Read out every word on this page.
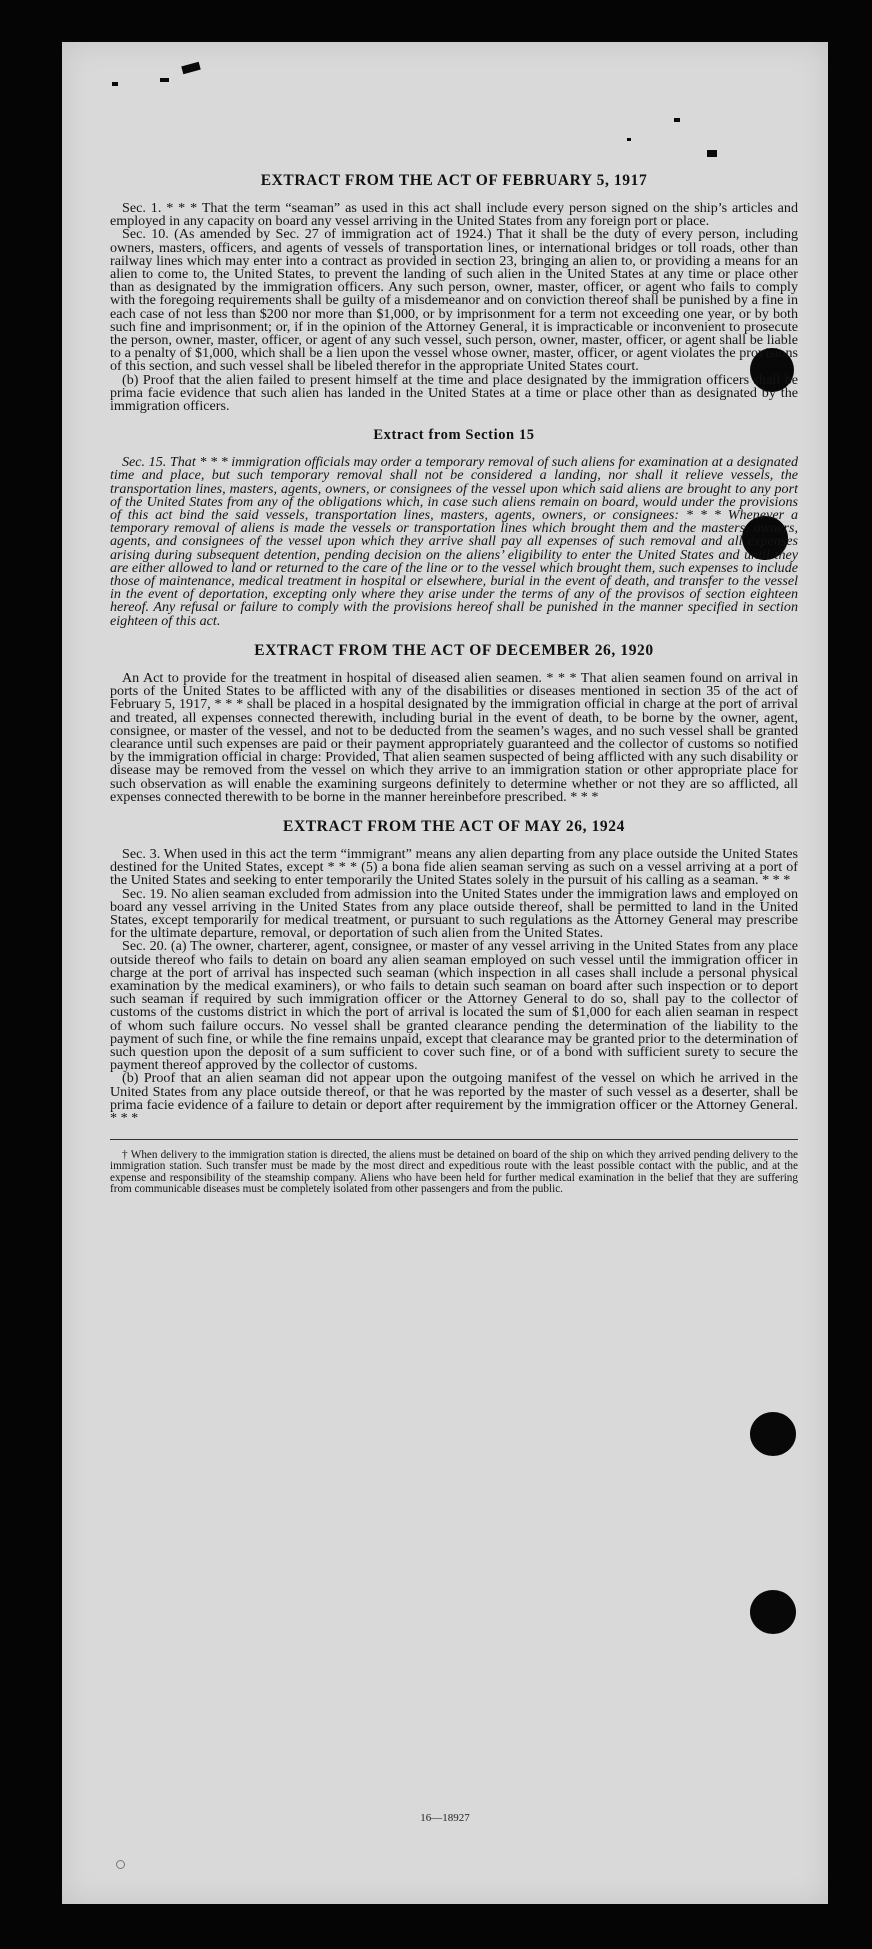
EXTRACT FROM THE ACT OF FEBRUARY 5, 1917

Sec. 1. * * * That the term “seaman” as used in this act shall include every person signed on the ship’s articles and employed in any capacity on board any vessel arriving in the United States from any foreign port or place.

Sec. 10. (As amended by Sec. 27 of immigration act of 1924.) That it shall be the duty of every person, including owners, masters, officers, and agents of vessels of transportation lines, or international bridges or toll roads, other than railway lines which may enter into a contract as provided in section 23, bringing an alien to, or providing a means for an alien to come to, the United States, to prevent the landing of such alien in the United States at any time or place other than as designated by the immigration officers. Any such person, owner, master, officer, or agent who fails to comply with the foregoing requirements shall be guilty of a misdemeanor and on conviction thereof shall be punished by a fine in each case of not less than $200 nor more than $1,000, or by imprisonment for a term not exceeding one year, or by both such fine and imprisonment; or, if in the opinion of the Attorney General, it is impracticable or inconvenient to prosecute the person, owner, master, officer, or agent of any such vessel, such person, owner, master, officer, or agent shall be liable to a penalty of $1,000, which shall be a lien upon the vessel whose owner, master, officer, or agent violates the provisions of this section, and such vessel shall be libeled therefor in the appropriate United States court.

(b) Proof that the alien failed to present himself at the time and place designated by the immigration officers shall be prima facie evidence that such alien has landed in the United States at a time or place other than as designated by the immigration officers.

Extract from Section 15

Sec. 15. That * * * immigration officials may order a temporary removal of such aliens for examination at a designated time and place, but such temporary removal shall not be considered a landing, nor shall it relieve vessels, the transportation lines, masters, agents, owners, or consignees of the vessel upon which said aliens are brought to any port of the United States from any of the obligations which, in case such aliens remain on board, would under the provisions of this act bind the said vessels, transportation lines, masters, agents, owners, or consignees: * * * Whenever a temporary removal of aliens is made the vessels or transportation lines which brought them and the masters, owners, agents, and consignees of the vessel upon which they arrive shall pay all expenses of such removal and all expenses arising during subsequent detention, pending decision on the aliens’ eligibility to enter the United States and until they are either allowed to land or returned to the care of the line or to the vessel which brought them, such expenses to include those of maintenance, medical treatment in hospital or elsewhere, burial in the event of death, and transfer to the vessel in the event of deportation, excepting only where they arise under the terms of any of the provisos of section eighteen hereof. Any refusal or failure to comply with the provisions hereof shall be punished in the manner specified in section eighteen of this act.

EXTRACT FROM THE ACT OF DECEMBER 26, 1920

An Act to provide for the treatment in hospital of diseased alien seamen. * * * That alien seamen found on arrival in ports of the United States to be afflicted with any of the disabilities or diseases mentioned in section 35 of the act of February 5, 1917, * * * shall be placed in a hospital designated by the immigration official in charge at the port of arrival and treated, all expenses connected therewith, including burial in the event of death, to be borne by the owner, agent, consignee, or master of the vessel, and not to be deducted from the seamen’s wages, and no such vessel shall be granted clearance until such expenses are paid or their payment appropriately guaranteed and the collector of customs so notified by the immigration official in charge: Provided, That alien seamen suspected of being afflicted with any such disability or disease may be removed from the vessel on which they arrive to an immigration station or other appropriate place for such observation as will enable the examining surgeons definitely to determine whether or not they are so afflicted, all expenses connected therewith to be borne in the manner hereinbefore prescribed. * * *

EXTRACT FROM THE ACT OF MAY 26, 1924

Sec. 3. When used in this act the term “immigrant” means any alien departing from any place outside the United States destined for the United States, except * * * (5) a bona fide alien seaman serving as such on a vessel arriving at a port of the United States and seeking to enter temporarily the United States solely in the pursuit of his calling as a seaman. * * *

Sec. 19. No alien seaman excluded from admission into the United States under the immigration laws and employed on board any vessel arriving in the United States from any place outside thereof, shall be permitted to land in the United States, except temporarily for medical treatment, or pursuant to such regulations as the Attorney General may prescribe for the ultimate departure, removal, or deportation of such alien from the United States.

Sec. 20. (a) The owner, charterer, agent, consignee, or master of any vessel arriving in the United States from any place outside thereof who fails to detain on board any alien seaman employed on such vessel until the immigration officer in charge at the port of arrival has inspected such seaman (which inspection in all cases shall include a personal physical examination by the medical examiners), or who fails to detain such seaman on board after such inspection or to deport such seaman if required by such immigration officer or the Attorney General to do so, shall pay to the collector of customs of the customs district in which the port of arrival is located the sum of $1,000 for each alien seaman in respect of whom such failure occurs. No vessel shall be granted clearance pending the determination of the liability to the payment of such fine, or while the fine remains unpaid, except that clearance may be granted prior to the determination of such question upon the deposit of a sum sufficient to cover such fine, or of a bond with sufficient surety to secure the payment thereof approved by the collector of customs.

(b) Proof that an alien seaman did not appear upon the outgoing manifest of the vessel on which he arrived in the United States from any place outside thereof, or that he was reported by the master of such vessel as a deserter, shall be prima facie evidence of a failure to detain or deport after requirement by the immigration officer or the Attorney General. * * *

† When delivery to the immigration station is directed, the aliens must be detained on board of the ship on which they arrived pending delivery to the immigration station. Such transfer must be made by the most direct and expeditious route with the least possible contact with the public, and at the expense and responsibility of the steamship company. Aliens who have been held for further medical examination in the belief that they are suffering from communicable diseases must be completely isolated from other passengers and from the public.

16—18927
